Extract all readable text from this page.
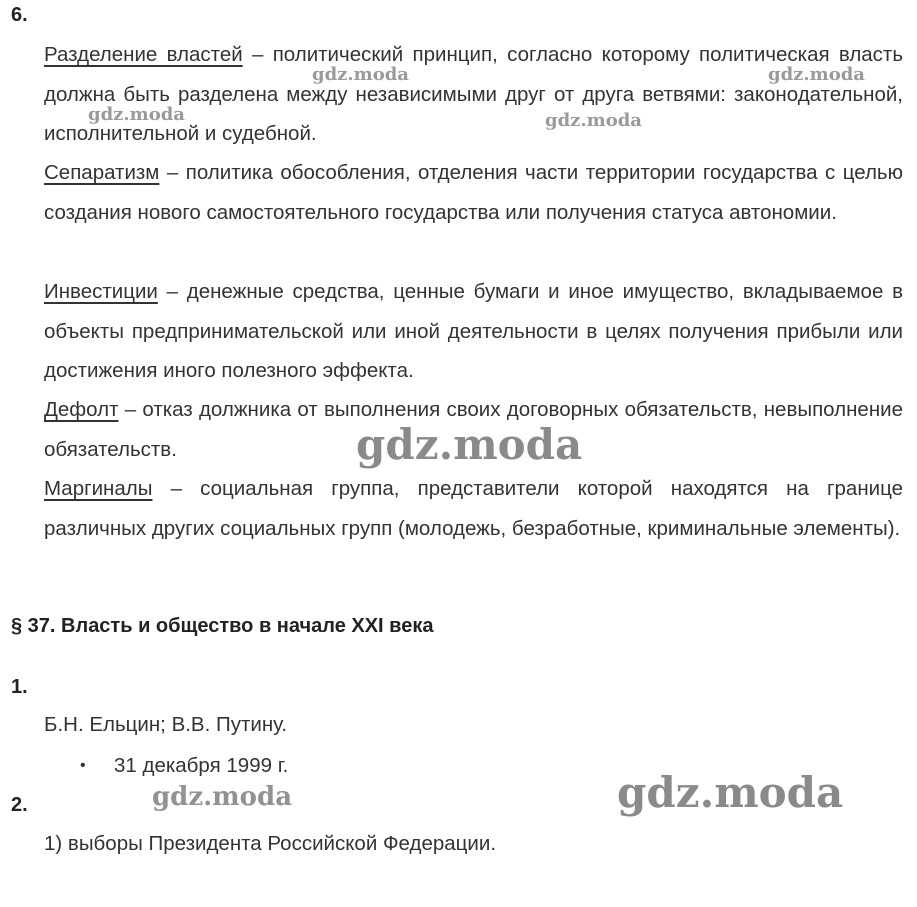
6.
Разделение властей – политический принцип, согласно которому политическая власть должна быть разделена между независимыми друг от друга ветвями: законодательной, исполнительной и судебной.
Сепаратизм – политика обособления, отделения части территории государства с целью создания нового самостоятельного государства или получения статуса автономии.
Инвестиции – денежные средства, ценные бумаги и иное имущество, вкладываемое в объекты предпринимательской или иной деятельности в целях получения прибыли или достижения иного полезного эффекта.
Дефолт – отказ должника от выполнения своих договорных обязательств, невыполнение обязательств.
Маргиналы – социальная группа, представители которой находятся на границе различных других социальных групп (молодежь, безработные, криминальные элементы).
§ 37. Власть и общество в начале XXI века
1.
Б.Н. Ельцин; В.В. Путину.
• 31 декабря 1999 г.
2.
1) выборы Президента Российской Федерации.
gdz.moda	gdz.moda
gdz.moda	gdz.moda
gdz.moda
gdz.moda	gdz.moda
